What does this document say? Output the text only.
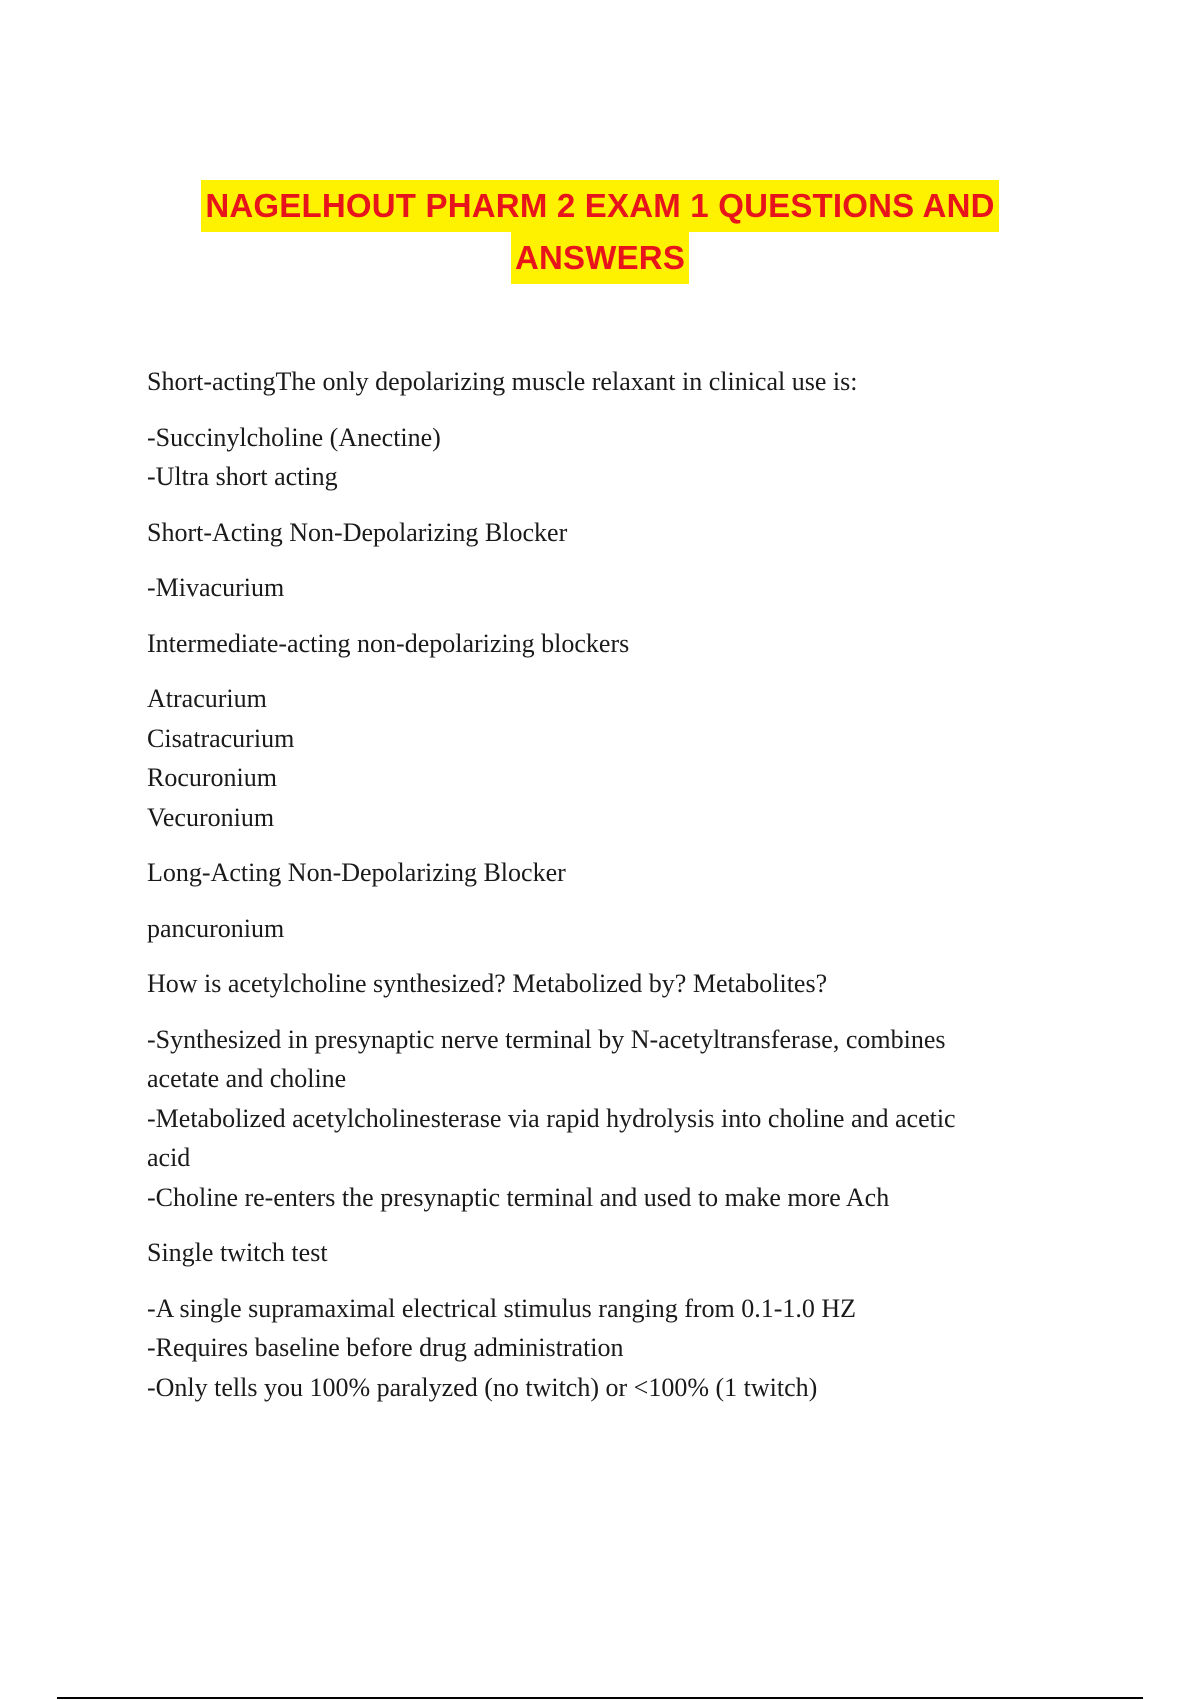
NAGELHOUT PHARM 2 EXAM 1 QUESTIONS AND
ANSWERS
Short-actingThe only depolarizing muscle relaxant in clinical use is:
-Succinylcholine (Anectine)
-Ultra short acting
Short-Acting Non-Depolarizing Blocker
-Mivacurium
Intermediate-acting non-depolarizing blockers
Atracurium
Cisatracurium
Rocuronium
Vecuronium
Long-Acting Non-Depolarizing Blocker
pancuronium
How is acetylcholine synthesized? Metabolized by? Metabolites?
-Synthesized in presynaptic nerve terminal by N-acetyltransferase, combines
acetate and choline
-Metabolized acetylcholinesterase via rapid hydrolysis into choline and acetic
acid
-Choline re-enters the presynaptic terminal and used to make more Ach
Single twitch test
-A single supramaximal electrical stimulus ranging from 0.1-1.0 HZ
-Requires baseline before drug administration
-Only tells you 100% paralyzed (no twitch) or <100% (1 twitch)
